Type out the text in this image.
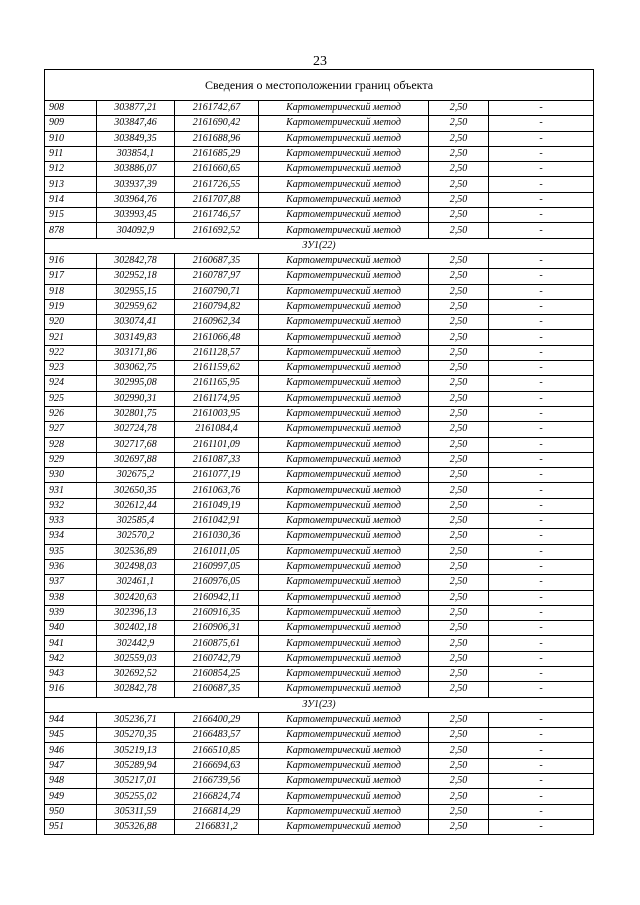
23
Сведения о местоположении границ объекта					
908	303877,21	2161742,67	Картометрический метод	2,50	-
909	303847,46	2161690,42	Картометрический метод	2,50	-
910	303849,35	2161688,96	Картометрический метод	2,50	-
911	303854,1	2161685,29	Картометрический метод	2,50	-
912	303886,07	2161660,65	Картометрический метод	2,50	-
913	303937,39	2161726,55	Картометрический метод	2,50	-
914	303964,76	2161707,88	Картометрический метод	2,50	-
915	303993,45	2161746,57	Картометрический метод	2,50	-
878	304092,9	2161692,52	Картометрический метод	2,50	-
ЗУ1(22)					
916	302842,78	2160687,35	Картометрический метод	2,50	-
917	302952,18	2160787,97	Картометрический метод	2,50	-
918	302955,15	2160790,71	Картометрический метод	2,50	-
919	302959,62	2160794,82	Картометрический метод	2,50	-
920	303074,41	2160962,34	Картометрический метод	2,50	-
921	303149,83	2161066,48	Картометрический метод	2,50	-
922	303171,86	2161128,57	Картометрический метод	2,50	-
923	303062,75	2161159,62	Картометрический метод	2,50	-
924	302995,08	2161165,95	Картометрический метод	2,50	-
925	302990,31	2161174,95	Картометрический метод	2,50	-
926	302801,75	2161003,95	Картометрический метод	2,50	-
927	302724,78	2161084,4	Картометрический метод	2,50	-
928	302717,68	2161101,09	Картометрический метод	2,50	-
929	302697,88	2161087,33	Картометрический метод	2,50	-
930	302675,2	2161077,19	Картометрический метод	2,50	-
931	302650,35	2161063,76	Картометрический метод	2,50	-
932	302612,44	2161049,19	Картометрический метод	2,50	-
933	302585,4	2161042,91	Картометрический метод	2,50	-
934	302570,2	2161030,36	Картометрический метод	2,50	-
935	302536,89	2161011,05	Картометрический метод	2,50	-
936	302498,03	2160997,05	Картометрический метод	2,50	-
937	302461,1	2160976,05	Картометрический метод	2,50	-
938	302420,63	2160942,11	Картометрический метод	2,50	-
939	302396,13	2160916,35	Картометрический метод	2,50	-
940	302402,18	2160906,31	Картометрический метод	2,50	-
941	302442,9	2160875,61	Картометрический метод	2,50	-
942	302559,03	2160742,79	Картометрический метод	2,50	-
943	302692,52	2160854,25	Картометрический метод	2,50	-
916	302842,78	2160687,35	Картометрический метод	2,50	-
ЗУ1(23)					
944	305236,71	2166400,29	Картометрический метод	2,50	-
945	305270,35	2166483,57	Картометрический метод	2,50	-
946	305219,13	2166510,85	Картометрический метод	2,50	-
947	305289,94	2166694,63	Картометрический метод	2,50	-
948	305217,01	2166739,56	Картометрический метод	2,50	-
949	305255,02	2166824,74	Картометрический метод	2,50	-
950	305311,59	2166814,29	Картометрический метод	2,50	-
951	305326,88	2166831,2	Картометрический метод	2,50	-
